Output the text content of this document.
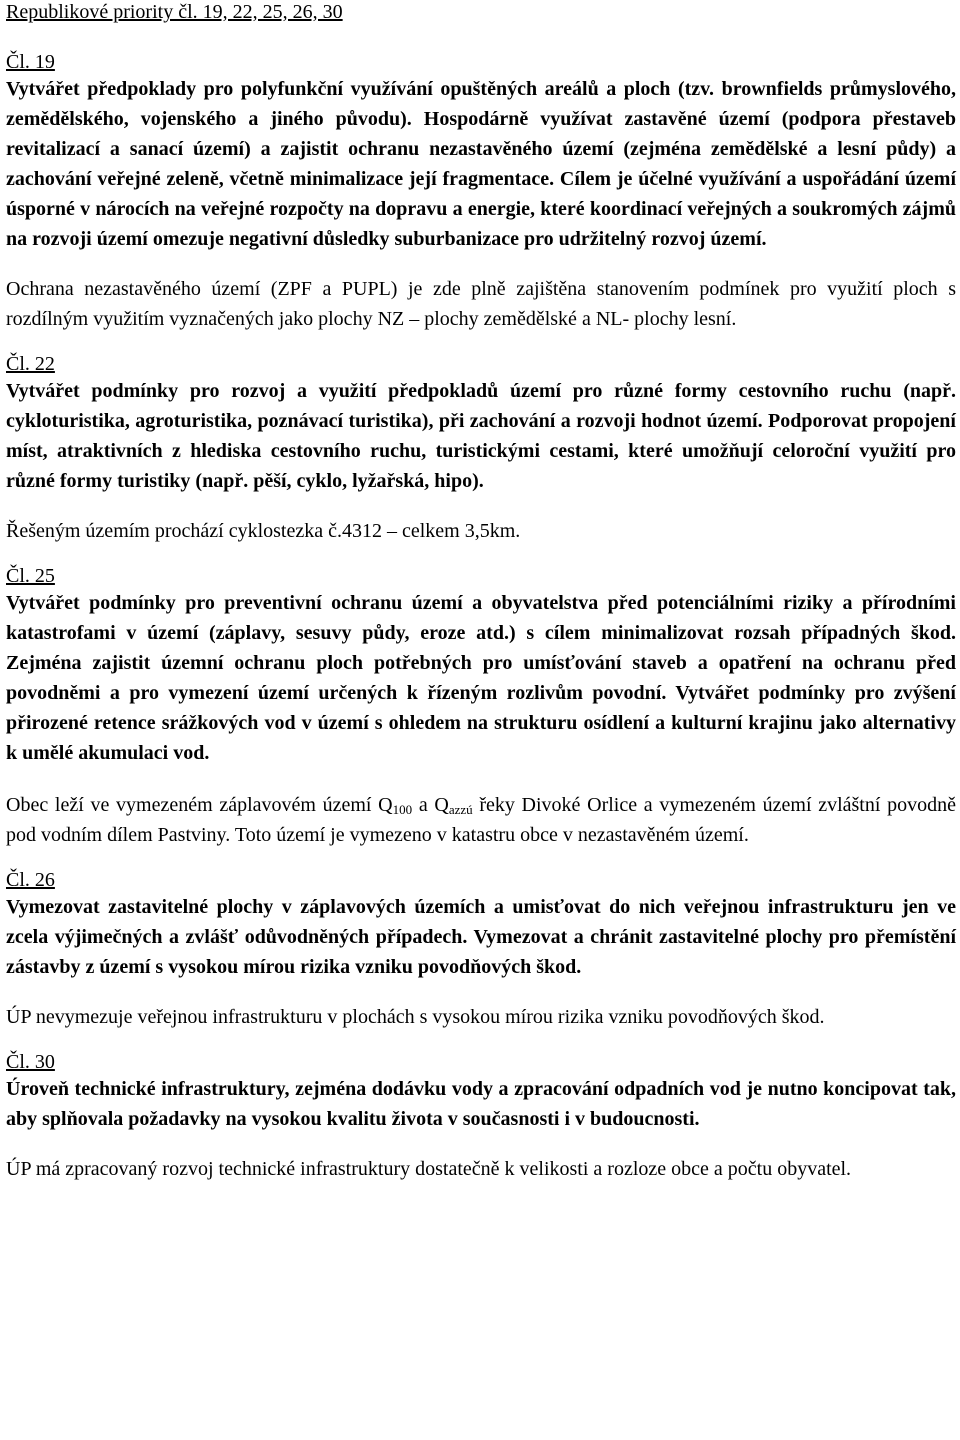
Republikové priority čl. 19, 22, 25, 26, 30
Čl. 19

Vytvářet předpoklady pro polyfunkční využívání opuštěných areálů a ploch (tzv. brownfields průmyslového, zemědělského, vojenského a jiného původu). Hospodárně využívat zastavěné území (podpora přestaveb revitalizací a sanací území) a zajistit ochranu nezastavěného území (zejména zemědělské a lesní půdy) a zachování veřejné zeleně, včetně minimalizace její fragmentace. Cílem je účelné využívání a uspořádání území úsporné v nárocích na veřejné rozpočty na dopravu a energie, které koordinací veřejných a soukromých zájmů na rozvoji území omezuje negativní důsledky suburbanizace pro udržitelný rozvoj území.

Ochrana nezastavěného území (ZPF a PUPL) je zde plně zajištěna stanovením podmínek pro využití ploch s rozdílným využitím vyznačených jako plochy NZ – plochy zemědělské a NL- plochy lesní.

Čl. 22

Vytvářet podmínky pro rozvoj a využití předpokladů území pro různé formy cestovního ruchu (např. cykloturistika, agroturistika, poznávací turistika), při zachování a rozvoji hodnot území. Podporovat propojení míst, atraktivních z hlediska cestovního ruchu, turistickými cestami, které umožňují celoroční využití pro různé formy turistiky (např. pěší, cyklo, lyžařská, hipo).

Řešeným územím prochází cyklostezka č.4312 – celkem 3,5km.

Čl. 25

Vytvářet podmínky pro preventivní ochranu území a obyvatelstva před potenciálními riziky a přírodními katastrofami v území (záplavy, sesuvy půdy, eroze atd.) s cílem minimalizovat rozsah případných škod. Zejména zajistit územní ochranu ploch potřebných pro umísťování staveb a opatření na ochranu před povodněmi a pro vymezení území určených k řízeným rozlivům povodní. Vytvářet podmínky pro zvýšení přirozené retence srážkových vod v území s ohledem na strukturu osídlení a kulturní krajinu jako alternativy k umělé akumulaci vod.

Obec leží ve vymezeném záplavovém území $Q_{100}$ a $Q_{azzú}$ řeky Divoké Orlice a vymezeném území zvláštní povodně pod vodním dílem Pastviny. Toto území je vymezeno v katastru obce v nezastavěném území.

Čl. 26

Vymezovat zastavitelné plochy v záplavových územích a umisťovat do nich veřejnou infrastrukturu jen ve zcela výjimečných a zvlášť odůvodněných případech. Vymezovat a chránit zastavitelné plochy pro přemístění zástavby z území s vysokou mírou rizika vzniku povodňových škod.

ÚP nevymezuje veřejnou infrastrukturu v plochách s vysokou mírou rizika vzniku povodňových škod.

Čl. 30

Úroveň technické infrastruktury, zejména dodávku vody a zpracování odpadních vod je nutno koncipovat tak, aby splňovala požadavky na vysokou kvalitu života v současnosti i v budoucnosti.

ÚP má zpracovaný rozvoj technické infrastruktury dostatečně k velikosti a rozloze obce a počtu obyvatel.
